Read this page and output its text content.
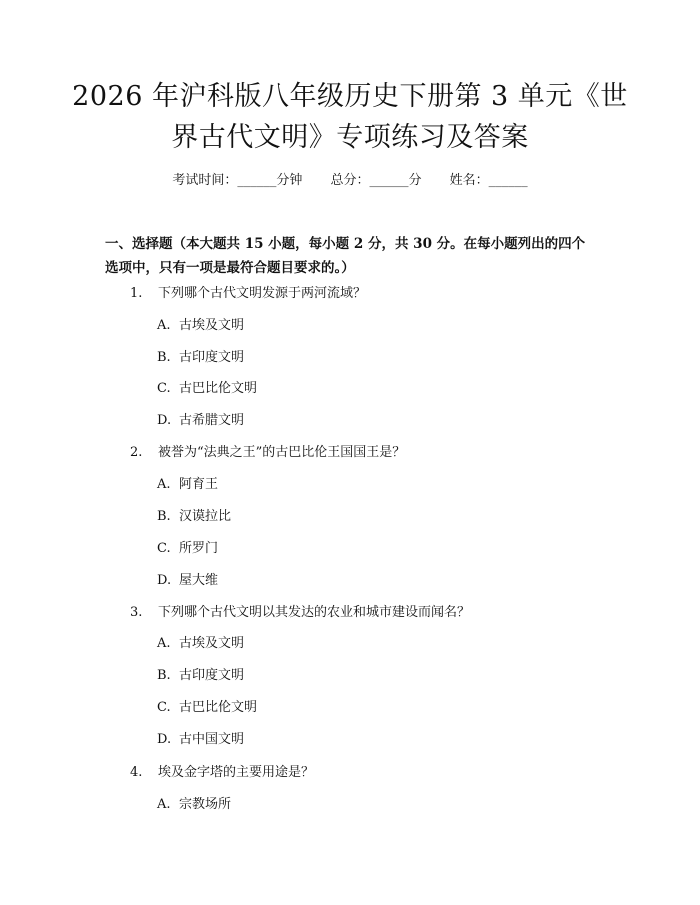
2026 年沪科版八年级历史下册第 3 单元《世界古代文明》专项练习及答案
考试时间：______分钟 总分：______分 姓名：______
一、选择题（本大题共 15 小题，每小题 2 分，共 30 分。在每小题列出的四个选项中，只有一项是最符合题目要求的。）
1. 下列哪个古代文明发源于两河流域？
A. 古埃及文明
B. 古印度文明
C. 古巴比伦文明
D. 古希腊文明
2. 被誉为“法典之王”的古巴比伦王国国王是？
A. 阿育王
B. 汉谟拉比
C. 所罗门
D. 屋大维
3. 下列哪个古代文明以其发达的农业和城市建设而闻名？
A. 古埃及文明
B. 古印度文明
C. 古巴比伦文明
D. 古中国文明
4. 埃及金字塔的主要用途是？
A. 宗教场所
